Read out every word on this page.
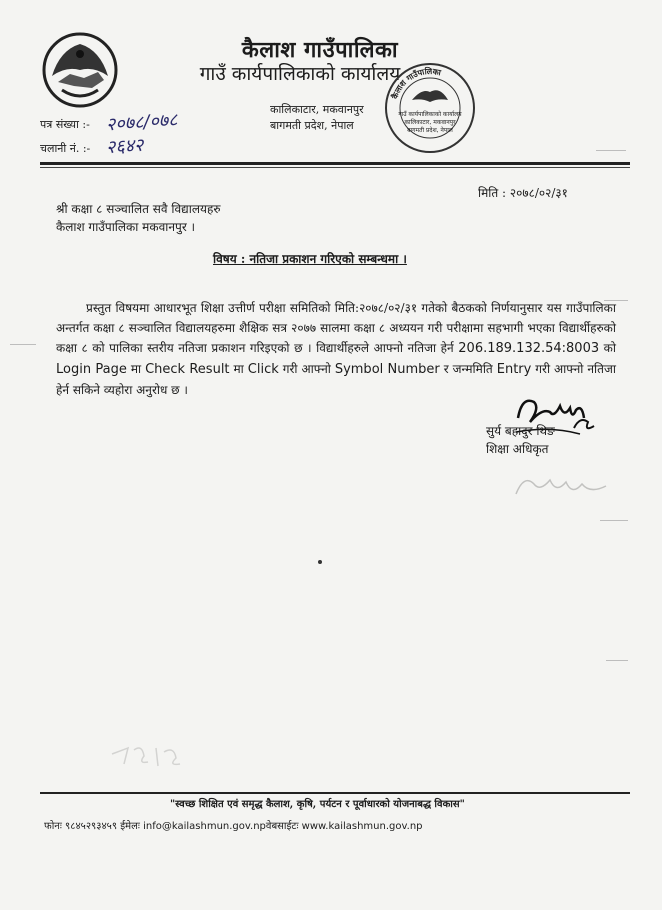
कैलाश गाउँपालिका
गाउँ कार्यपालिकाको कार्यालय
कालिकाटार, मकवानपुर
बागमती प्रदेश, नेपाल
कैलाश गाउँपालिका
गाउँ कार्यपालिकाको कार्यालय
कालिकाटार, मकवानपुर
बागमती प्रदेश, नेपाल
पत्र संख्या :- २०७८/०७८
चलानी नं. :- २६४२
मिति : २०७८/०२/३१
श्री कक्षा ८ सञ्चालित सवै विद्यालयहरु
कैलाश गाउँपालिका मकवानपुर ।
विषय : नतिजा प्रकाशन गरिएको सम्बन्धमा ।
प्रस्तुत विषयमा आधारभूत शिक्षा उत्तीर्ण परीक्षा समितिको मिति:२०७८/०२/३१ गतेको बैठकको निर्णयानुसार यस गाउँपालिका अन्तर्गत कक्षा ८ सञ्चालित विद्यालयहरुमा शैक्षिक सत्र २०७७ सालमा कक्षा ८ अध्ययन गरी परीक्षामा सहभागी भएका विद्यार्थीहरुको कक्षा ८ को पालिका स्तरीय नतिजा प्रकाशन गरिइएको छ । विद्यार्थीहरुले आफ्नो नतिजा हेर्न 206.189.132.54:8003 को Login Page मा Check Result मा Click गरी आफ्नो Symbol Number र जन्ममिति Entry गरी आफ्नो नतिजा हेर्न सकिने व्यहोरा अनुरोध छ ।
सुर्य बहादुर थिङ
शिक्षा अधिकृत
"स्वच्छ शिक्षित एवं समृद्ध कैलाश, कृषि, पर्यटन र पूर्वाधारको योजनाबद्ध विकास"
फोनः ९८४५२९३४५९ ईमेलः info@kailashmun.gov.npवेबसाईटः www.kailashmun.gov.np
